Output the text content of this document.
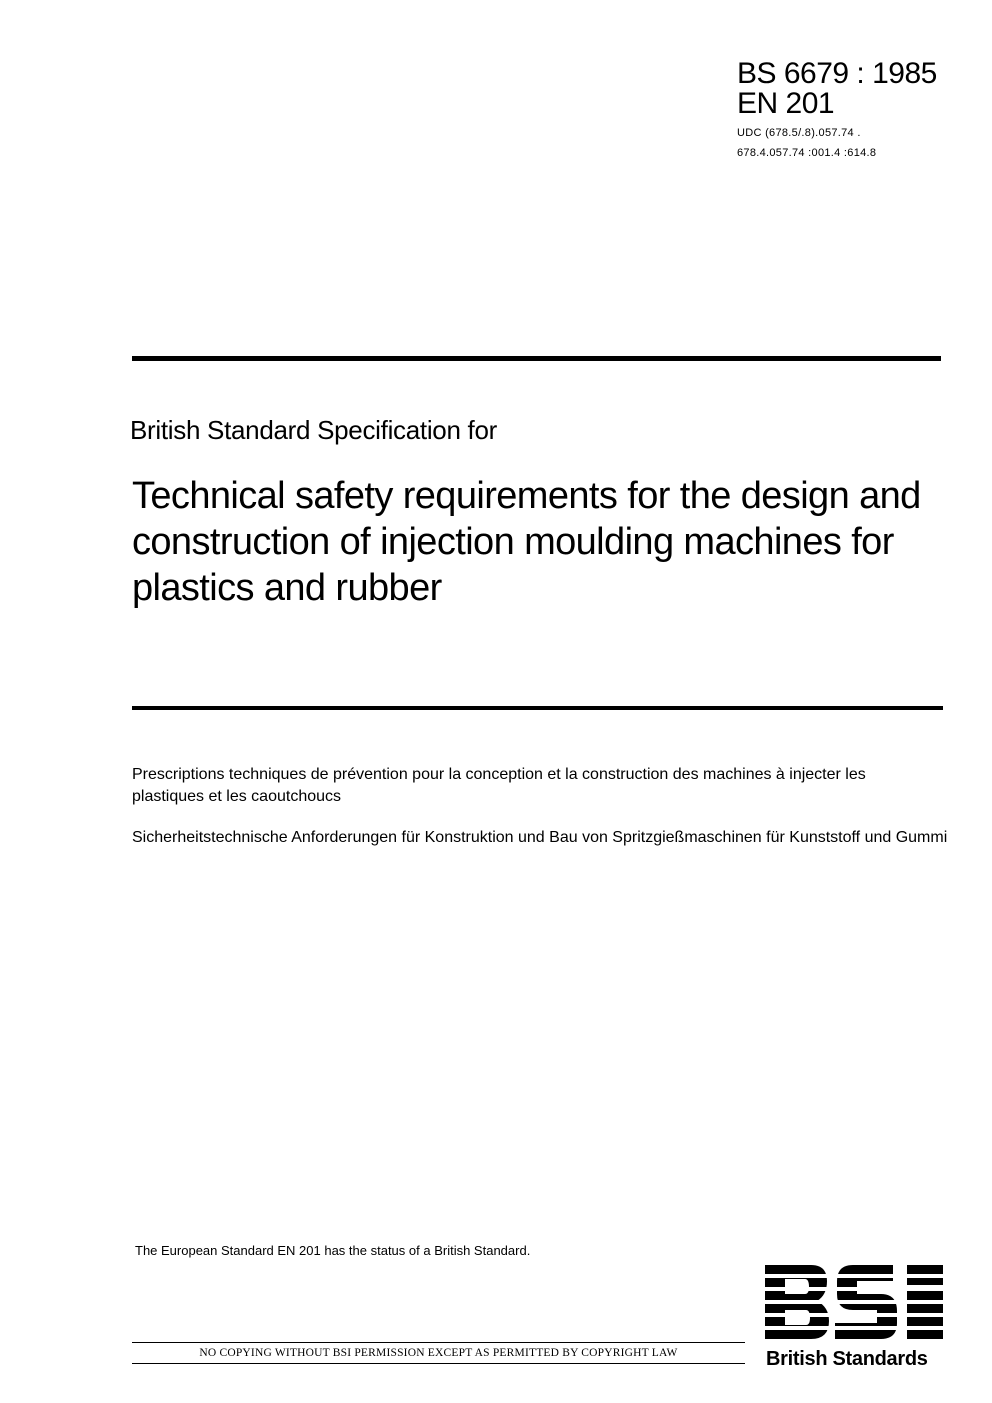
BS 6679 : 1985
EN 201
UDC (678.5/.8).057.74 .
678.4.057.74 :001.4 :614.8
British Standard Specification for
Technical safety requirements for the design and construction of injection moulding machines for plastics and rubber
Prescriptions techniques de prévention pour la conception et la construction des machines à injecter les plastiques et les caoutchoucs
Sicherheitstechnische Anforderungen für Konstruktion und Bau von Spritzgießmaschinen für Kunststoff und Gummi
The European Standard EN 201 has the status of a British Standard.
NO COPYING WITHOUT BSI PERMISSION EXCEPT AS PERMITTED BY COPYRIGHT LAW	British Standards
